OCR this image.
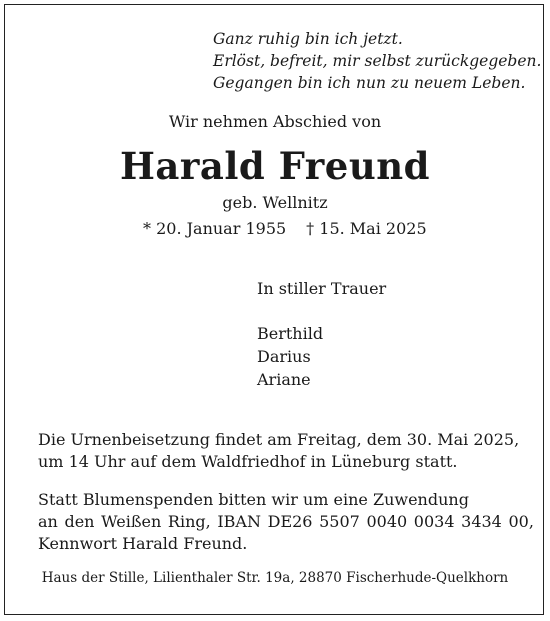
Ganz ruhig bin ich jetzt.
Erlöst, befreit, mir selbst zurückgegeben.
Gegangen bin ich nun zu neuem Leben.
Wir nehmen Abschied von
Harald Freund
geb. Wellnitz
* 20. Januar 1955 † 15. Mai 2025
In stiller Trauer
Berthild
Darius
Ariane
Die Urnenbeisetzung findet am Freitag, dem 30. Mai 2025,
um 14 Uhr auf dem Waldfriedhof in Lüneburg statt.
Statt Blumenspenden bitten wir um eine Zuwendung
an den Weißen Ring, IBAN DE26 5507 0040 0034 3434 00,
Kennwort Harald Freund.
Haus der Stille, Lilienthaler Str. 19a, 28870 Fischerhude-Quelkhorn
